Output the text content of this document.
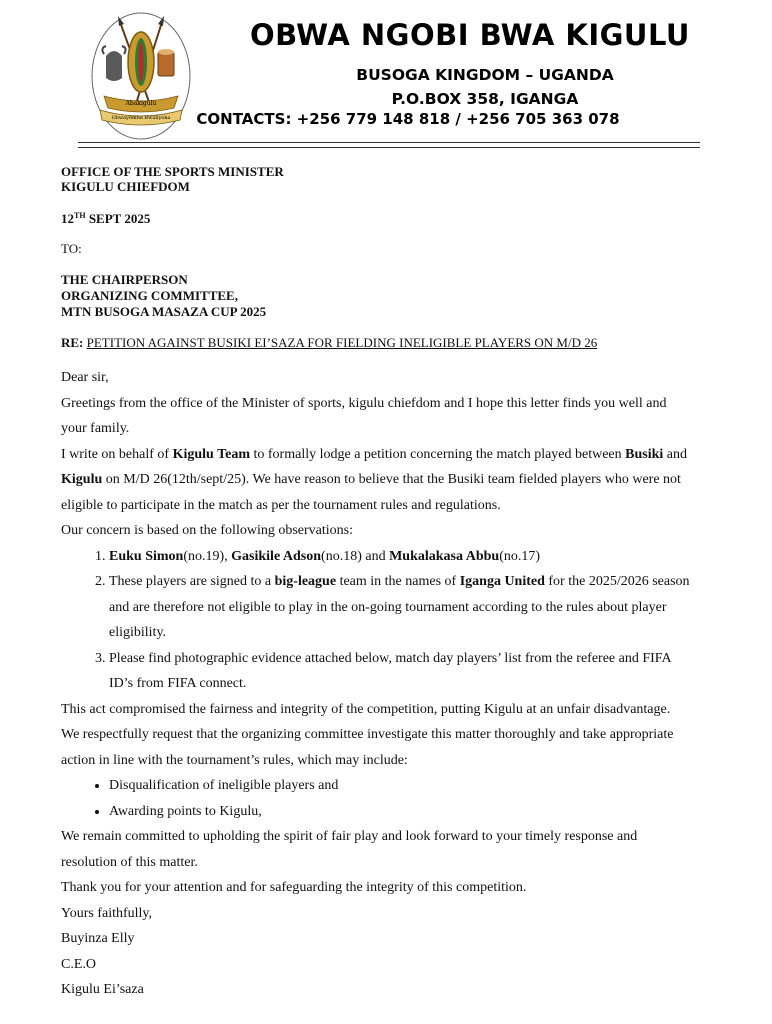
Abakigulu
Obwayemba Bwaliyoka
OBWA NGOBI BWA KIGULU
BUSOGA KINGDOM – UGANDA
P.O.BOX 358, IGANGA
CONTACTS: +256 779 148 818 / +256 705 363 078
OFFICE OF THE SPORTS MINISTER
KIGULU CHIEFDOM
12TH SEPT 2025
TO:
THE CHAIRPERSON
ORGANIZING COMMITTEE,
MTN BUSOGA MASAZA CUP 2025
RE: PETITION AGAINST BUSIKI EI’SAZA FOR FIELDING INELIGIBLE PLAYERS ON M/D 26

Dear sir,

Greetings from the office of the Minister of sports, kigulu chiefdom and I hope this letter finds you well and your family.

I write on behalf of Kigulu Team to formally lodge a petition concerning the match played between Busiki and Kigulu on M/D 26(12th/sept/25). We have reason to believe that the Busiki team fielded players who were not eligible to participate in the match as per the tournament rules and regulations.

Our concern is based on the following observations:

1. Euku Simon(no.19), Gasikile Adson(no.18) and Mukalakasa Abbu(no.17)
2. These players are signed to a big-league team in the names of Iganga United for the 2025/2026 season and are therefore not eligible to play in the on-going tournament according to the rules about player eligibility.
3. Please find photographic evidence attached below, match day players’ list from the referee and FIFA ID’s from FIFA connect.

This act compromised the fairness and integrity of the competition, putting Kigulu at an unfair disadvantage. We respectfully request that the organizing committee investigate this matter thoroughly and take appropriate action in line with the tournament’s rules, which may include:

• Disqualification of ineligible players and
• Awarding points to Kigulu,

We remain committed to upholding the spirit of fair play and look forward to your timely response and resolution of this matter.

Thank you for your attention and for safeguarding the integrity of this competition.

Yours faithfully,

Buyinza Elly

C.E.O

Kigulu Ei’saza
